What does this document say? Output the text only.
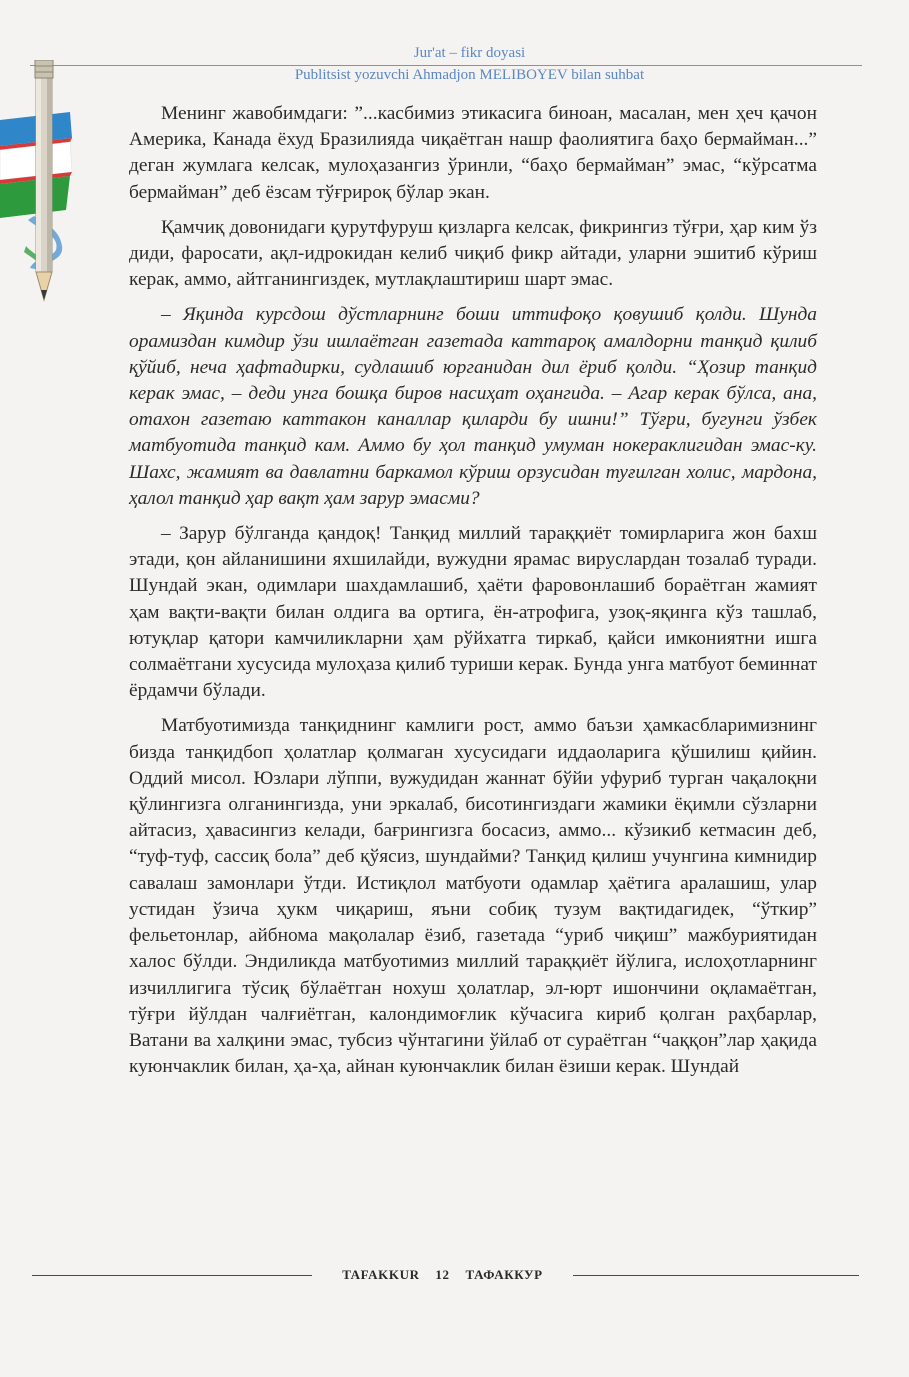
Jur'at – fikr doyasi
Publitsist yozuvchi Ahmadjon MELIBOYEV bilan suhbat

Менинг жавобимдаги: ”...касбимиз этикасига биноан, масалан, мен ҳеч қачон Америка, Канада ёхуд Бразилияда чиқаётган нашр фаолиятига баҳо бермайман...” деган жумлага келсак, мулоҳазангиз ўринли, “баҳо бермайман” эмас, “кўрсатма бермайман” деб ёзсам тўғрироқ бўлар экан.

Қамчиқ довонидаги қурутфуруш қизларга келсак, фикрингиз тўғри, ҳар ким ўз диди, фаросати, ақл-идрокидан келиб чиқиб фикр айтади, уларни эшитиб кўриш керак, аммо, айтганингиздек, мутлақлаштириш шарт эмас.

– Яқинда курсдош дўстларнинг боши иттифоқо қовушиб қолди. Шунда орамиздан кимдир ўзи ишлаётган газетада каттароқ амалдорни танқид қилиб қўйиб, неча ҳафтадирки, судлашиб юрганидан дил ёриб қолди. “Ҳозир танқид керак эмас, – деди унга бошқа биров насиҳат оҳангида. – Агар керак бўлса, ана, отахон газетаю каттакон каналлар қиларди бу ишни!” Тўғри, бугунги ўзбек матбуотида танқид кам. Аммо бу ҳол танқид умуман нокераклигидан эмас-ку. Шахс, жамият ва давлатни баркамол кўриш орзусидан туғилган холис, мардона, ҳалол танқид ҳар вақт ҳам зарур эмасми?

– Зарур бўлганда қандоқ! Танқид миллий тараққиёт томирларига жон бахш этади, қон айланишини яхшилайди, вужудни ярамас вируслардан тозалаб туради. Шундай экан, одимлари шахдамлашиб, ҳаёти фаровонлашиб бораётган жамият ҳам вақти-вақти билан олдига ва ортига, ён-атрофига, узоқ-яқинга кўз ташлаб, ютуқлар қатори камчиликларни ҳам рўйхатга тиркаб, қайси имкониятни ишга солмаётгани хусусида мулоҳаза қилиб туриши керак. Бунда унга матбуот беминнат ёрдамчи бўлади.

Матбуотимизда танқиднинг камлиги рост, аммо баъзи ҳамкасбларимизнинг бизда танқидбоп ҳолатлар қолмаган хусусидаги иддаоларига қўшилиш қийин. Оддий мисол. Юзлари лўппи, вужудидан жаннат бўйи уфуриб турган чақалоқни қўлингизга олганингизда, уни эркалаб, бисотингиздаги жамики ёқимли сўзларни айтасиз, ҳавасингиз келади, бағрингизга босасиз, аммо... кўзикиб кетмасин деб, “туф-туф, сассиқ бола” деб қўясиз, шундайми? Танқид қилиш учунгина кимнидир савалаш замонлари ўтди. Истиқлол матбуоти одамлар ҳаётига аралашиш, улар устидан ўзича ҳукм чиқариш, яъни собиқ тузум вақтидагидек, “ўткир” фельетонлар, айбнома мақолалар ёзиб, газетада “уриб чиқиш” мажбуриятидан халос бўлди. Эндиликда матбуотимиз миллий тараққиёт йўлига, ислоҳотларнинг изчиллигига тўсиқ бўлаётган нохуш ҳолатлар, эл-юрт ишончини оқламаётган, тўғри йўлдан чалғиётган, калондимоғлик кўчасига кириб қолган раҳбарлар, Ватани ва халқини эмас, тубсиз чўнтагини ўйлаб от сураётган “чаққон”лар ҳақида куюнчаклик билан, ҳа-ҳа, айнан куюнчаклик билан ёзиши керак. Шундай

TAFAKKUR 12 ТАФАККУР
